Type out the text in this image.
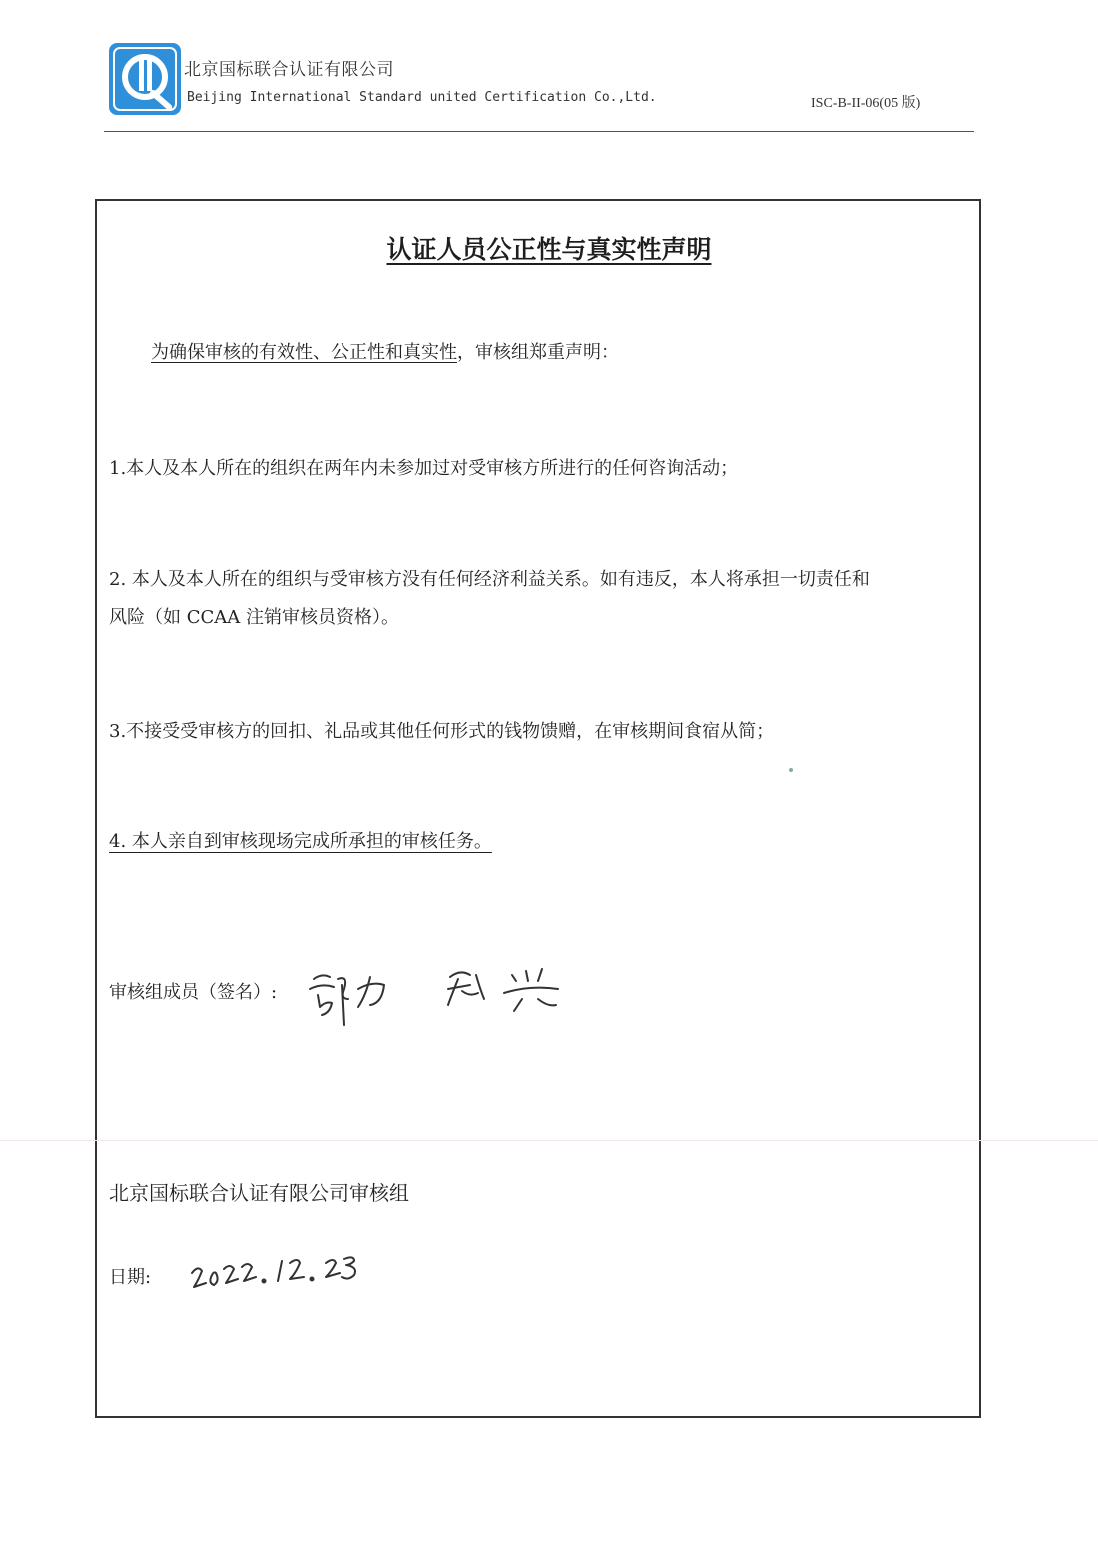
北京国标联合认证有限公司
Beijing International Standard united Certification Co.,Ltd.	ISC-B-II-06(05 版)
认证人员公正性与真实性声明
为确保审核的有效性、公正性和真实性，审核组郑重声明：
1.本人及本人所在的组织在两年内未参加过对受审核方所进行的任何咨询活动；
2. 本人及本人所在的组织与受审核方没有任何经济利益关系。如有违反，本人将承担一切责任和
风险（如 CCAA 注销审核员资格）。
3.不接受受审核方的回扣、礼品或其他任何形式的钱物馈赠，在审核期间食宿从简；
4. 本人亲自到审核现场完成所承担的审核任务。
审核组成员（签名）:
北京国标联合认证有限公司审核组
日期:
